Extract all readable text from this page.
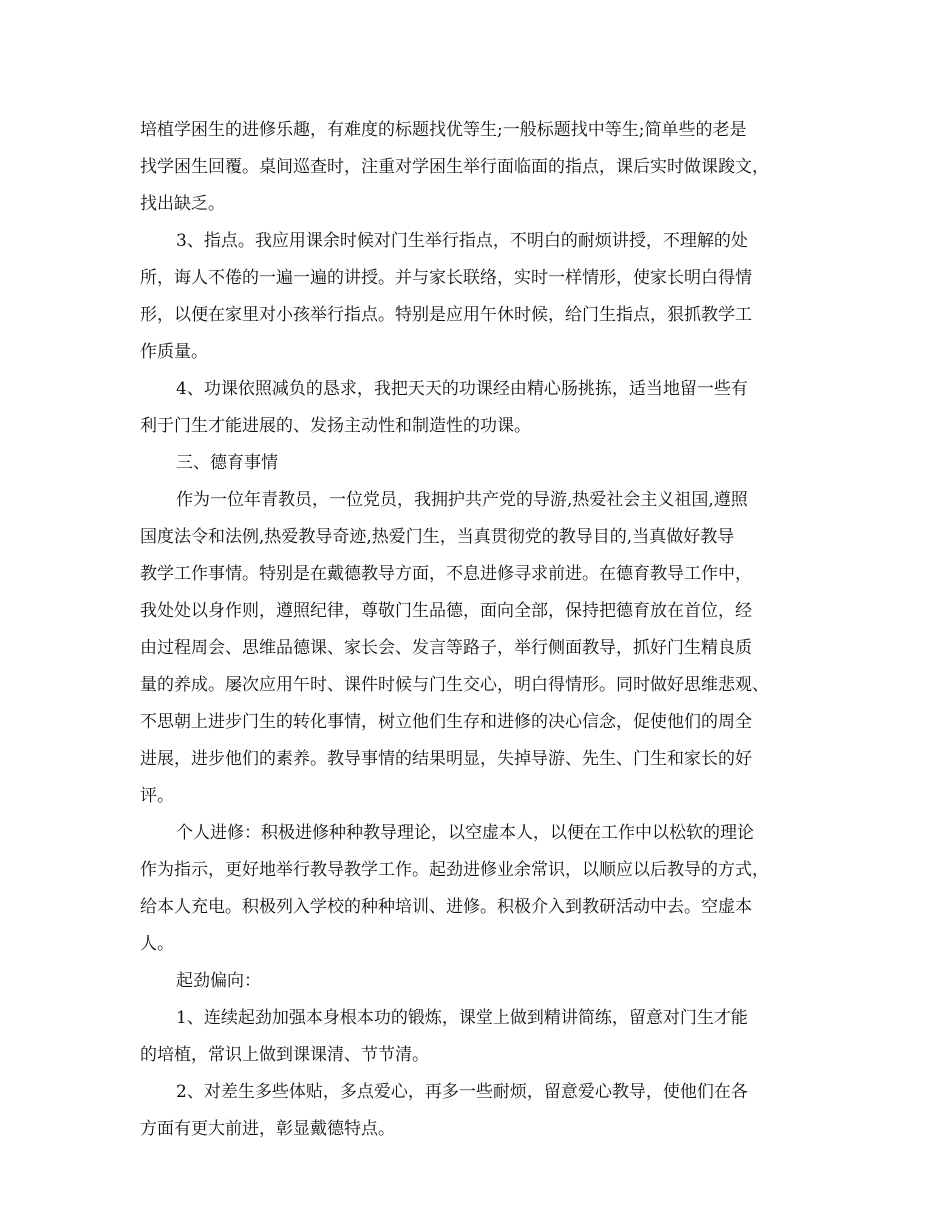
培植学困生的进修乐趣，有难度的标题找优等生;一般标题找中等生;简单些的老是
找学困生回覆。桌间巡查时，注重对学困生举行面临面的指点，课后实时做课踆文，
找出缺乏。
3、指点。我应用课余时候对门生举行指点，不明白的耐烦讲授，不理解的处
所，诲人不倦的一遍一遍的讲授。并与家长联络，实时一样情形，使家长明白得情
形，以便在家里对小孩举行指点。特别是应用午休时候，给门生指点，狠抓教学工
作质量。
4、功课依照减负的恳求，我把天天的功课经由精心肠挑拣，适当地留一些有
利于门生才能进展的、发扬主动性和制造性的功课。
三、德育事情
作为一位年青教员，一位党员，我拥护共产党的导游,热爱社会主义祖国,遵照
国度法令和法例,热爱教导奇迹,热爱门生，当真贯彻党的教导目的,当真做好教导
教学工作事情。特别是在戴德教导方面，不息进修寻求前进。在德育教导工作中，
我处处以身作则，遵照纪律，尊敬门生品德，面向全部，保持把德育放在首位，经
由过程周会、思维品德课、家长会、发言等路子，举行侧面教导，抓好门生精良质
量的养成。屡次应用午时、课件时候与门生交心，明白得情形。同时做好思维悲观、
不思朝上进步门生的转化事情，树立他们生存和进修的决心信念，促使他们的周全
进展，进步他们的素养。教导事情的结果明显，失掉导游、先生、门生和家长的好
评。
个人进修：积极进修种种教导理论，以空虚本人，以便在工作中以松软的理论
作为指示，更好地举行教导教学工作。起劲进修业余常识，以顺应以后教导的方式，
给本人充电。积极列入学校的种种培训、进修。积极介入到教研活动中去。空虚本
人。
起劲偏向：
1、连续起劲加强本身根本功的锻炼，课堂上做到精讲简练，留意对门生才能
的培植，常识上做到课课清、节节清。
2、对差生多些体贴，多点爱心，再多一些耐烦，留意爱心教导，使他们在各
方面有更大前进，彰显戴德特点。
